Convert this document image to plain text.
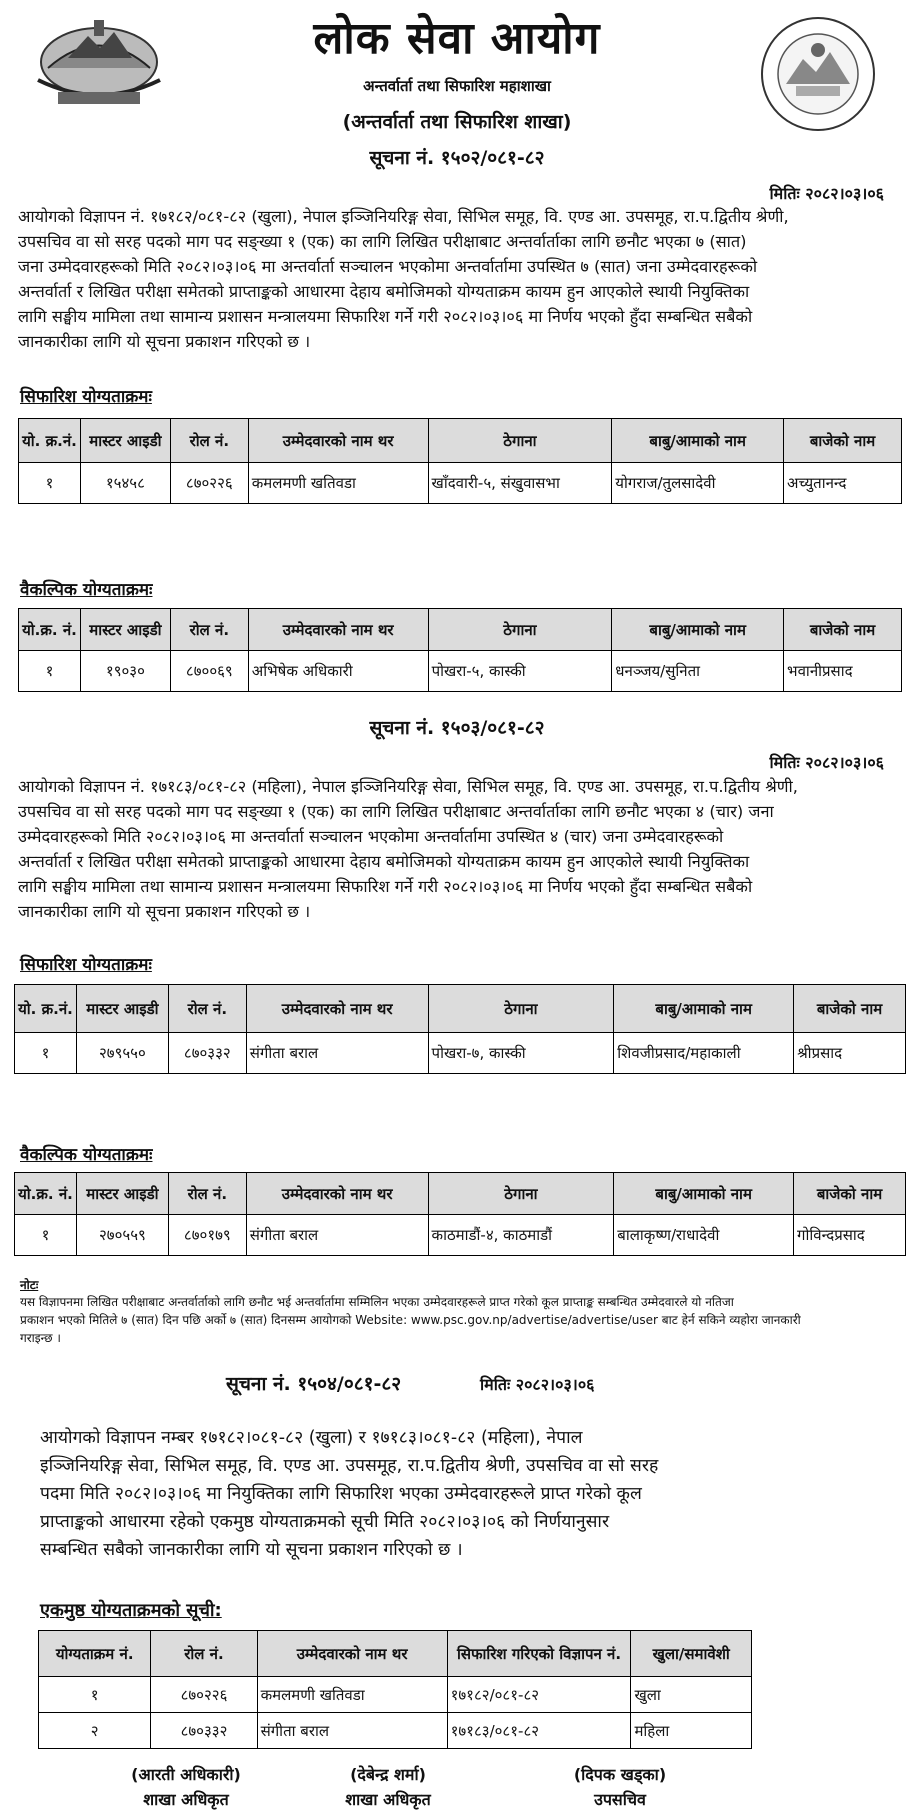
लोक सेवा आयोग
अन्तर्वार्ता तथा सिफारिश महाशाखा
(अन्तर्वार्ता तथा सिफारिश शाखा)
सूचना नं. १५०२/०८१-८२
मितिः २०८२।०३।०६
आयोगको विज्ञापन नं. १७१८२/०८१-८२ (खुला), नेपाल इञ्जिनियरिङ्ग सेवा, सिभिल समूह, वि. एण्ड आ. उपसमूह, रा.प.द्वितीय श्रेणी,
उपसचिव वा सो सरह पदको माग पद सङ्ख्या १ (एक) का लागि लिखित परीक्षाबाट अन्तर्वार्ताका लागि छनौट भएका ७ (सात)
जना उम्मेदवारहरूको मिति २०८२।०३।०६ मा अन्तर्वार्ता सञ्चालन भएकोमा अन्तर्वार्तामा उपस्थित ७ (सात) जना उम्मेदवारहरूको
अन्तर्वार्ता र लिखित परीक्षा समेतको प्राप्ताङ्कको आधारमा देहाय बमोजिमको योग्यताक्रम कायम हुन आएकोले स्थायी नियुक्तिका
लागि सङ्घीय मामिला तथा सामान्य प्रशासन मन्त्रालयमा सिफारिश गर्ने गरी २०८२।०३।०६ मा निर्णय भएको हुँदा सम्बन्धित सबैको
जानकारीका लागि यो सूचना प्रकाशन गरिएको छ ।
सिफारिश योग्यताक्रमः
यो. क्र.नं.	मास्टर आइडी	रोल नं.	उम्मेदवारको नाम थर	ठेगाना	बाबु/आमाको नाम	बाजेको नाम
१	१५४५८	८७०२२६	कमलमणी खतिवडा	खाँदवारी-५, संखुवासभा	योगराज/तुलसादेवी	अच्युतानन्द
वैकल्पिक योग्यताक्रमः
यो.क्र. नं.	मास्टर आइडी	रोल नं.	उम्मेदवारको नाम थर	ठेगाना	बाबु/आमाको नाम	बाजेको नाम
१	१९०३०	८७००६९	अभिषेक अधिकारी	पोखरा-५, कास्की	धनञ्जय/सुनिता	भवानीप्रसाद
सूचना नं. १५०३/०८१-८२
मितिः २०८२।०३।०६
आयोगको विज्ञापन नं. १७१८३/०८१-८२ (महिला), नेपाल इञ्जिनियरिङ्ग सेवा, सिभिल समूह, वि. एण्ड आ. उपसमूह, रा.प.द्वितीय श्रेणी,
उपसचिव वा सो सरह पदको माग पद सङ्ख्या १ (एक) का लागि लिखित परीक्षाबाट अन्तर्वार्ताका लागि छनौट भएका ४ (चार) जना
उम्मेदवारहरूको मिति २०८२।०३।०६ मा अन्तर्वार्ता सञ्चालन भएकोमा अन्तर्वार्तामा उपस्थित ४ (चार) जना उम्मेदवारहरूको
अन्तर्वार्ता र लिखित परीक्षा समेतको प्राप्ताङ्कको आधारमा देहाय बमोजिमको योग्यताक्रम कायम हुन आएकोले स्थायी नियुक्तिका
लागि सङ्घीय मामिला तथा सामान्य प्रशासन मन्त्रालयमा सिफारिश गर्ने गरी २०८२।०३।०६ मा निर्णय भएको हुँदा सम्बन्धित सबैको
जानकारीका लागि यो सूचना प्रकाशन गरिएको छ ।
सिफारिश योग्यताक्रमः
यो. क्र.नं.	मास्टर आइडी	रोल नं.	उम्मेदवारको नाम थर	ठेगाना	बाबु/आमाको नाम	बाजेको नाम
१	२७९५५०	८७०३३२	संगीता बराल	पोखरा-७, कास्की	शिवजीप्रसाद/महाकाली	श्रीप्रसाद
वैकल्पिक योग्यताक्रमः
यो.क्र. नं.	मास्टर आइडी	रोल नं.	उम्मेदवारको नाम थर	ठेगाना	बाबु/आमाको नाम	बाजेको नाम
१	२७०५५९	८७०१७९	संगीता बराल	काठमाडौं-४, काठमाडौं	बालाकृष्ण/राधादेवी	गोविन्दप्रसाद
नोटः
यस विज्ञापनमा लिखित परीक्षाबाट अन्तर्वार्ताको लागि छनौट भई अन्तर्वार्तामा सम्मिलिन भएका उम्मेदवारहरूले प्राप्त गरेको कूल प्राप्ताङ्क सम्बन्धित उम्मेदवारले यो नतिजा
प्रकाशन भएको मितिले ७ (सात) दिन पछि अर्को ७ (सात) दिनसम्म आयोगको Website: www.psc.gov.np/advertise/advertise/user बाट हेर्न सकिने व्यहोरा जानकारी
गराइन्छ ।
सूचना नं. १५०४/०८१-८२	मितिः २०८२।०३।०६
आयोगको विज्ञापन नम्बर १७१८२।०८१-८२ (खुला) र १७१८३।०८१-८२ (महिला), नेपाल
इञ्जिनियरिङ्ग सेवा, सिभिल समूह, वि. एण्ड आ. उपसमूह, रा.प.द्वितीय श्रेणी, उपसचिव वा सो सरह
पदमा मिति २०८२।०३।०६ मा नियुक्तिका लागि सिफारिश भएका उम्मेदवारहरूले प्राप्त गरेको कूल
प्राप्ताङ्कको आधारमा रहेको एकमुष्ठ योग्यताक्रमको सूची मिति २०८२।०३।०६ को निर्णयानुसार
सम्बन्धित सबैको जानकारीका लागि यो सूचना प्रकाशन गरिएको छ ।
एकमुष्ठ योग्यताक्रमको सूची:
योग्यताक्रम नं.	रोल नं.	उम्मेदवारको नाम थर	सिफारिश गरिएको विज्ञापन नं.	खुला/समावेशी
१	८७०२२६	कमलमणी खतिवडा	१७१८२/०८१-८२	खुला
२	८७०३३२	संगीता बराल	१७१८३/०८१-८२	महिला
(आरती अधिकारी)
शाखा अधिकृत
(देबेन्द्र शर्मा)
शाखा अधिकृत
(दिपक खड्का)
उपसचिव
